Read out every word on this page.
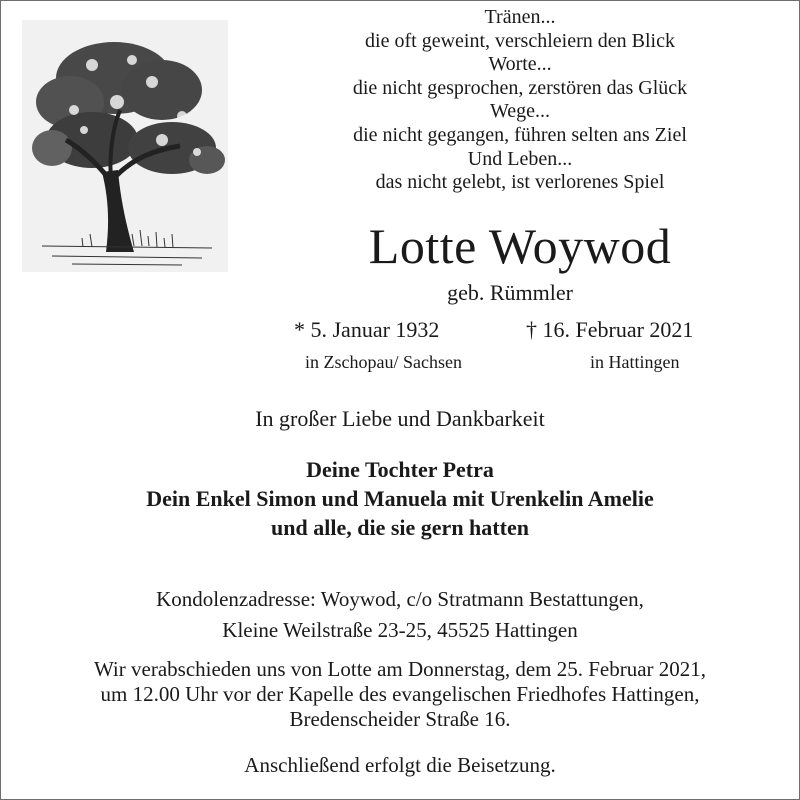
Tränen...
die oft geweint, verschleiern den Blick
Worte...
die nicht gesprochen, zerstören das Glück
Wege...
die nicht gegangen, führen selten ans Ziel
Und Leben...
das nicht gelebt, ist verlorenes Spiel
Lotte Woywod
geb. Rümmler
* 5. Januar 1932	† 16. Februar 2021
in Zschopau/ Sachsen	in Hattingen
In großer Liebe und Dankbarkeit
Deine Tochter Petra
Dein Enkel Simon und Manuela mit Urenkelin Amelie
und alle, die sie gern hatten
Kondolenzadresse: Woywod, c/o Stratmann Bestattungen,
Kleine Weilstraße 23-25, 45525 Hattingen
Wir verabschieden uns von Lotte am Donnerstag, dem 25. Februar 2021,
um 12.00 Uhr vor der Kapelle des evangelischen Friedhofes Hattingen,
Bredenscheider Straße 16.
Anschließend erfolgt die Beisetzung.
